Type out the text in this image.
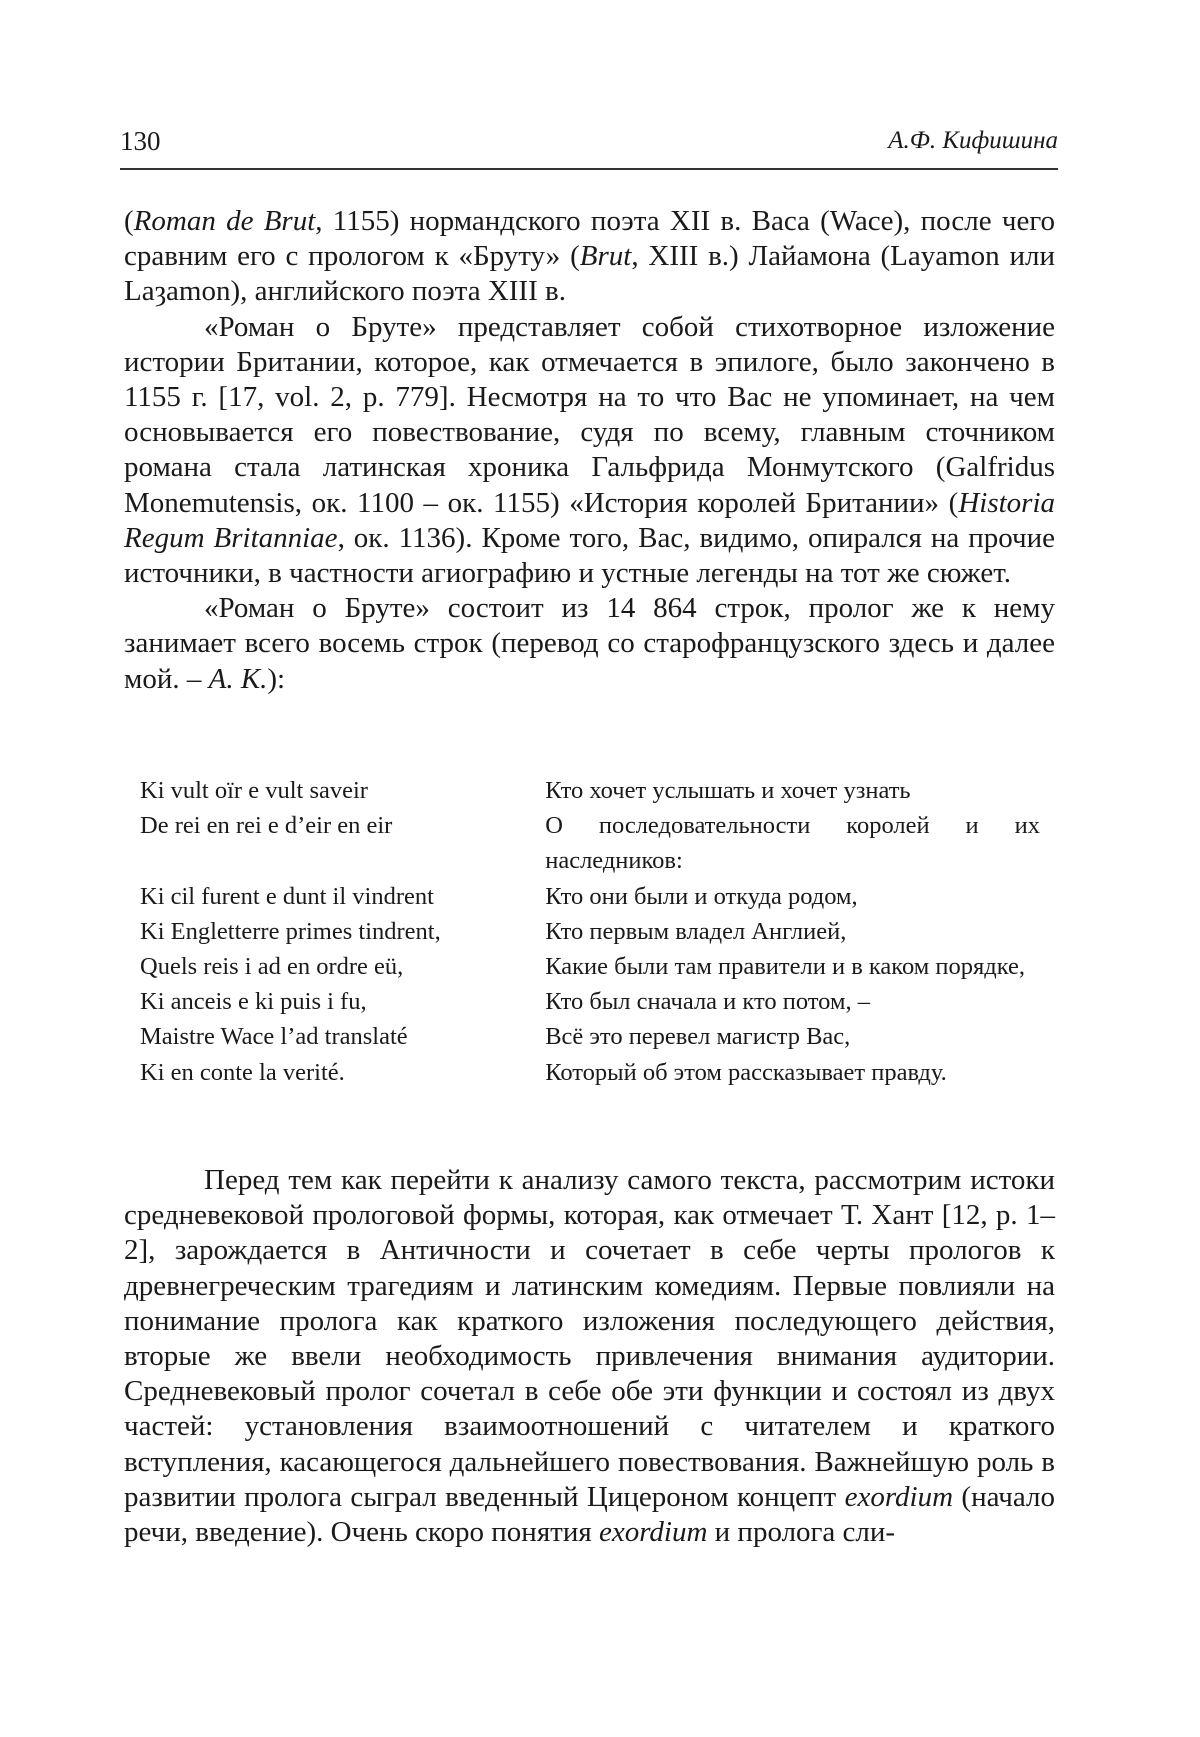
130	А.Ф. Кифишина

(Roman de Brut, 1155) нормандского поэта XII в. Васа (Wace), после чего сравним его с прологом к «Бруту» (Brut, XIII в.) Лайамона (Layamon или Laȝamon), английского поэта XIII в.

«Роман о Бруте» представляет собой стихотворное изложение истории Британии, которое, как отмечается в эпилоге, было закончено в 1155 г. [17, vol. 2, p. 779]. Несмотря на то что Вас не упоминает, на чем основывается его повествование, судя по всему, главным сточником романа стала латинская хроника Гальфрида Монмутского (Galfridus Monemutensis, ок. 1100 – ок. 1155) «История королей Британии» (Historia Regum Britanniae, ок. 1136). Кроме того, Вас, видимо, опирался на прочие источники, в частности агиографию и устные легенды на тот же сюжет.

«Роман о Бруте» состоит из 14 864 строк, пролог же к нему занимает всего восемь строк (перевод со старофранцузского здесь и далее мой. – А. К.):

Ki vult oïr e vult saveir	Кто хочет услышать и хочет узнать
De rei en rei e d’eir en eir	О последовательности королей и их наследников:
Ki cil furent e dunt il vindrent	Кто они были и откуда родом,
Ki Engletterre primes tindrent,	Кто первым владел Англией,
Quels reis i ad en ordre eü,	Какие были там правители и в каком порядке,
Ki anceis e ki puis i fu,	Кто был сначала и кто потом, –
Maistre Wace l’ad translaté	Всё это перевел магистр Вас,
Ki en conte la verité.	Который об этом рассказывает правду.

Перед тем как перейти к анализу самого текста, рассмотрим истоки средневековой прологовой формы, которая, как отмечает Т. Хант [12, p. 1–2], зарождается в Античности и сочетает в себе черты прологов к древнегреческим трагедиям и латинским комедиям. Первые повлияли на понимание пролога как краткого изложения последующего действия, вторые же ввели необходимость привлечения внимания аудитории. Средневековый пролог сочетал в себе обе эти функции и состоял из двух частей: установления взаимоотношений с читателем и краткого вступления, касающегося дальнейшего повествования. Важнейшую роль в развитии пролога сыграл введенный Цицероном концепт exordium (начало речи, введение). Очень скоро понятия exordium и пролога сли-
